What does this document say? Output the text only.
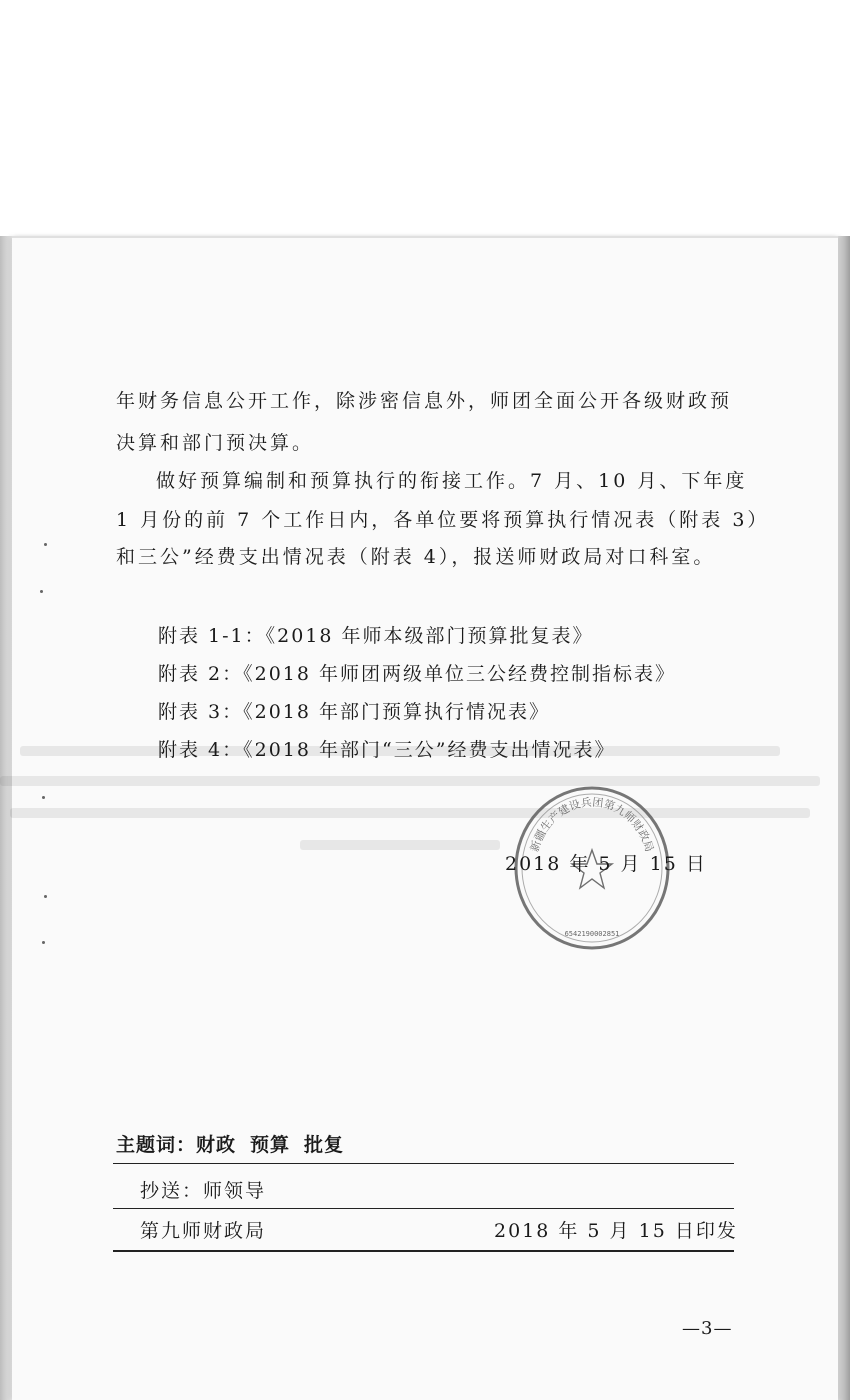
年财务信息公开工作，除涉密信息外，师团全面公开各级财政预
决算和部门预决算。
做好预算编制和预算执行的衔接工作。7 月、10 月、下年度
1 月份的前 7 个工作日内，各单位要将预算执行情况表（附表 3）
和三公”经费支出情况表（附表 4），报送师财政局对口科室。
附表 1-1：《2018 年师本级部门预算批复表》
附表 2：《2018 年师团两级单位三公经费控制指标表》
附表 3：《2018 年部门预算执行情况表》
附表 4：《2018 年部门“三公”经费支出情况表》
新疆生产建设兵团第九师财政局
6542190002851
2018 年 5 月 15 日
主题词：财政 预算 批复
抄送：师领导
第九师财政局	2018 年 5 月 15 日印发
—3—
